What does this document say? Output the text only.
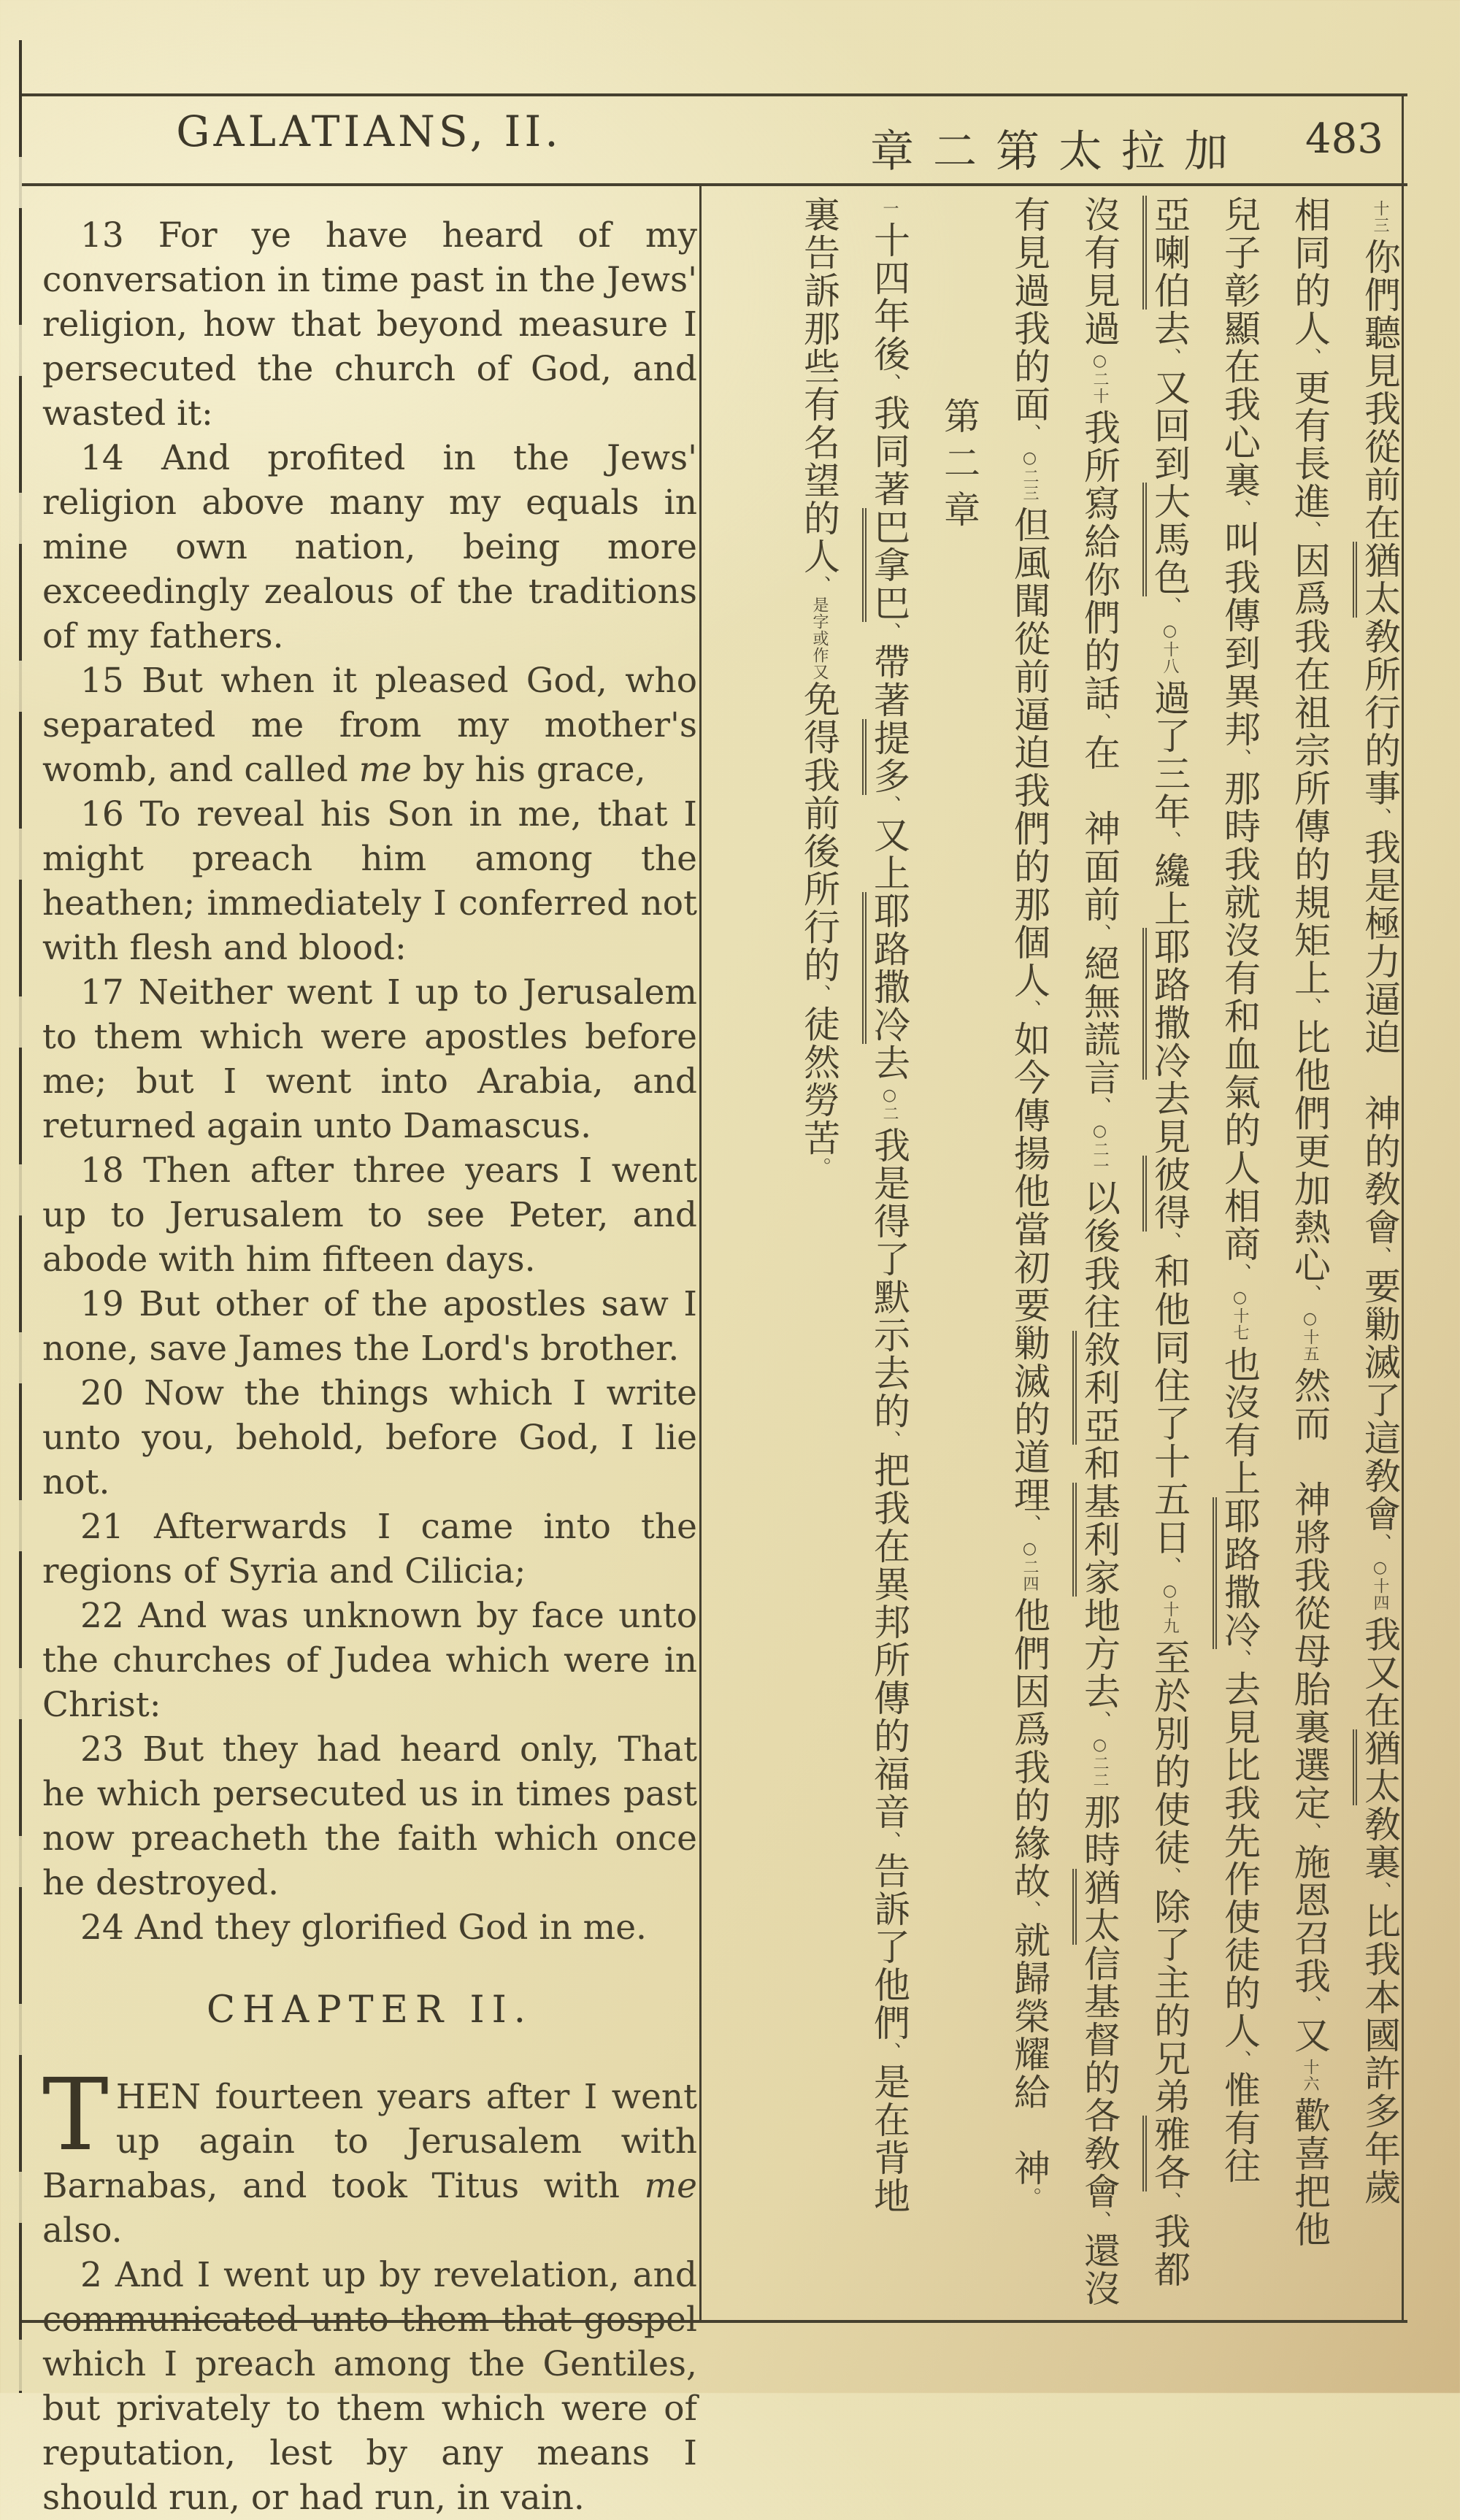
GALATIANS, II.	章二第太拉加	483

13 For ye have heard of my conversation in time past in the Jews' religion, how that beyond measure I persecuted the church of God, and wasted it:

14 And profited in the Jews' religion above many my equals in mine own nation, being more exceedingly zealous of the traditions of my fathers.

15 But when it pleased God, who separated me from my mother's womb, and called me by his grace,

16 To reveal his Son in me, that I might preach him among the heathen; immediately I conferred not with flesh and blood:

17 Neither went I up to Jerusalem to them which were apostles before me; but I went into Arabia, and returned again unto Damascus.

18 Then after three years I went up to Jerusalem to see Peter, and abode with him fifteen days.

19 But other of the apostles saw I none, save James the Lord's brother.

20 Now the things which I write unto you, behold, before God, I lie not.

21 Afterwards I came into the regions of Syria and Cilicia;

22 And was unknown by face unto the churches of Judea which were in Christ:

23 But they had heard only, That he which persecuted us in times past now preacheth the faith which once he destroyed.

24 And they glorified God in me.

CHAPTER II.

THEN fourteen years after I went up again to Jerusalem with Barnabas, and took Titus with me also.

2 And I went up by revelation, and communicated unto them that gospel which I preach among the Gentiles, but privately to them which were of reputation, lest by any means I should run, or had run, in vain.

十三你們聽見我從前在猶太敎所行的事、我是極力逼迫　神的敎會、要勦滅了這敎會、○十四我又在猶太敎裏、比我本國許多年歲
相同的人、更有長進、因爲我在祖宗所傳的規矩上、比他們更加熱心、○十五然而　神將我從母胎裏選定、施恩召我、又十六歡喜把他
兒子彰顯在我心裏、叫我傳到異邦、那時我就沒有和血氣的人相商、○十七也沒有上耶路撒冷、去見比我先作使徒的人、惟有往
亞喇伯去、又回到大馬色、○十八過了三年、纔上耶路撒冷去見彼得、和他同住了十五日、○十九至於別的使徒、除了主的兄弟雅各、我都
沒有見過○二十我所寫給你們的話、在　神面前、絕無謊言、○二一以後我往敘利亞和基利家地方去、○二二那時猶太信基督的各敎會、還沒
有見過我的面、○二三但風聞從前逼迫我們的那個人、如今傳揚他當初要勦滅的道理、○二四他們因爲我的緣故、就歸榮耀給　神。
第二章
一十四年後、我同著巴拿巴、帶著提多、又上耶路撒冷去○二我是得了默示去的、把我在異邦所傳的福音、告訴了他們、是在背地
裏告訴那些有名望的人、是字或作又免得我前後所行的、徒然勞苦。
